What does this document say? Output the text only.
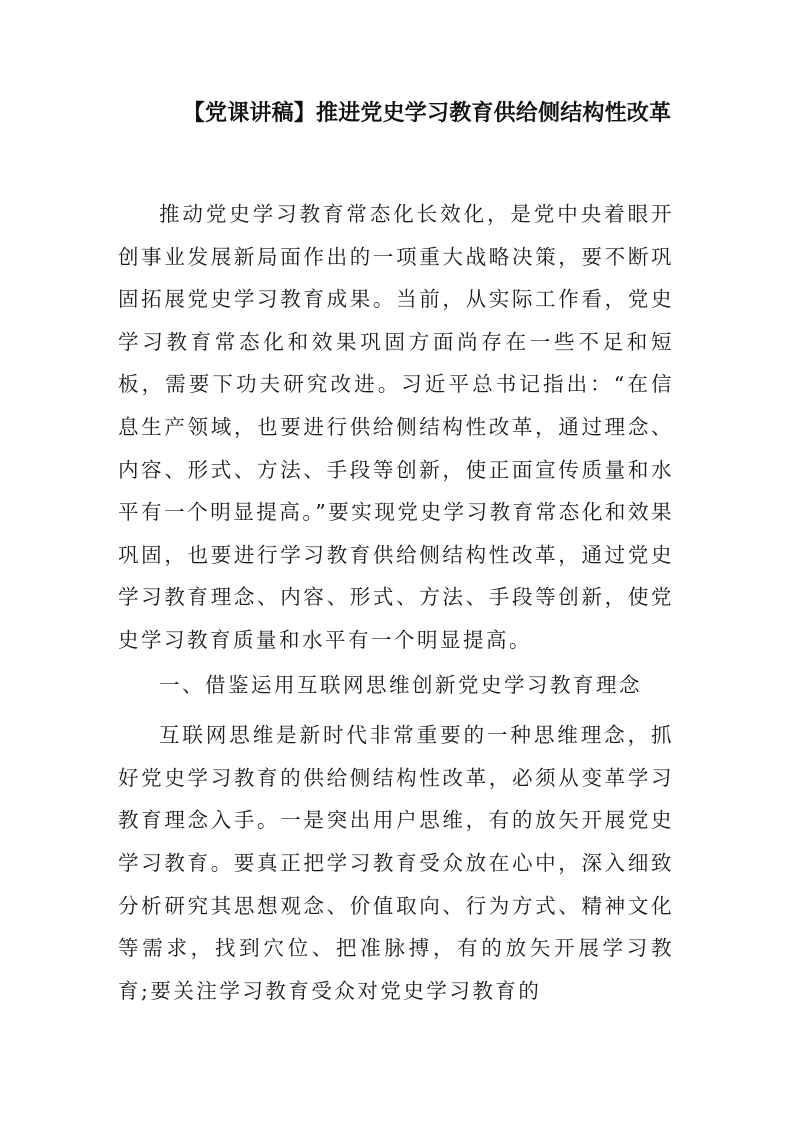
【党课讲稿】推进党史学习教育供给侧结构性改革

推动党史学习教育常态化长效化，是党中央着眼开创事业发展新局面作出的一项重大战略决策，要不断巩固拓展党史学习教育成果。当前，从实际工作看，党史学习教育常态化和效果巩固方面尚存在一些不足和短板，需要下功夫研究改进。习近平总书记指出：“在信息生产领域，也要进行供给侧结构性改革，通过理念、内容、形式、方法、手段等创新，使正面宣传质量和水平有一个明显提高。”要实现党史学习教育常态化和效果巩固，也要进行学习教育供给侧结构性改革，通过党史学习教育理念、内容、形式、方法、手段等创新，使党史学习教育质量和水平有一个明显提高。

一、借鉴运用互联网思维创新党史学习教育理念

互联网思维是新时代非常重要的一种思维理念，抓好党史学习教育的供给侧结构性改革，必须从变革学习教育理念入手。一是突出用户思维，有的放矢开展党史学习教育。要真正把学习教育受众放在心中，深入细致分析研究其思想观念、价值取向、行为方式、精神文化等需求，找到穴位、把准脉搏，有的放矢开展学习教育;要关注学习教育受众对党史学习教育的
